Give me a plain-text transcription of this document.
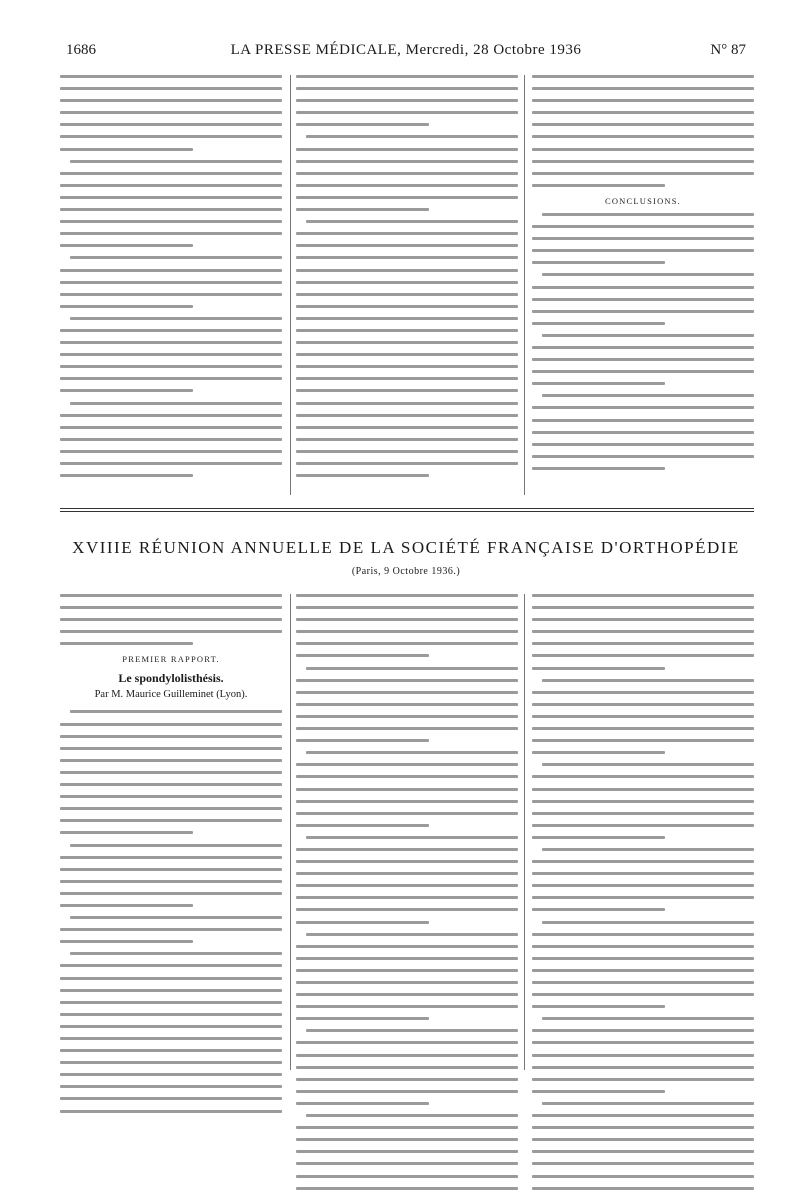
1686	LA PRESSE MÉDICALE, Mercredi, 28 Octobre 1936	N° 87
CONCLUSIONS.
XVIIIE RÉUNION ANNUELLE DE LA SOCIÉTÉ FRANÇAISE D'ORTHOPÉDIE
(Paris, 9 Octobre 1936.)
PREMIER RAPPORT.
Le spondylolisthésis.
Par M. Maurice Guilleminet (Lyon).
